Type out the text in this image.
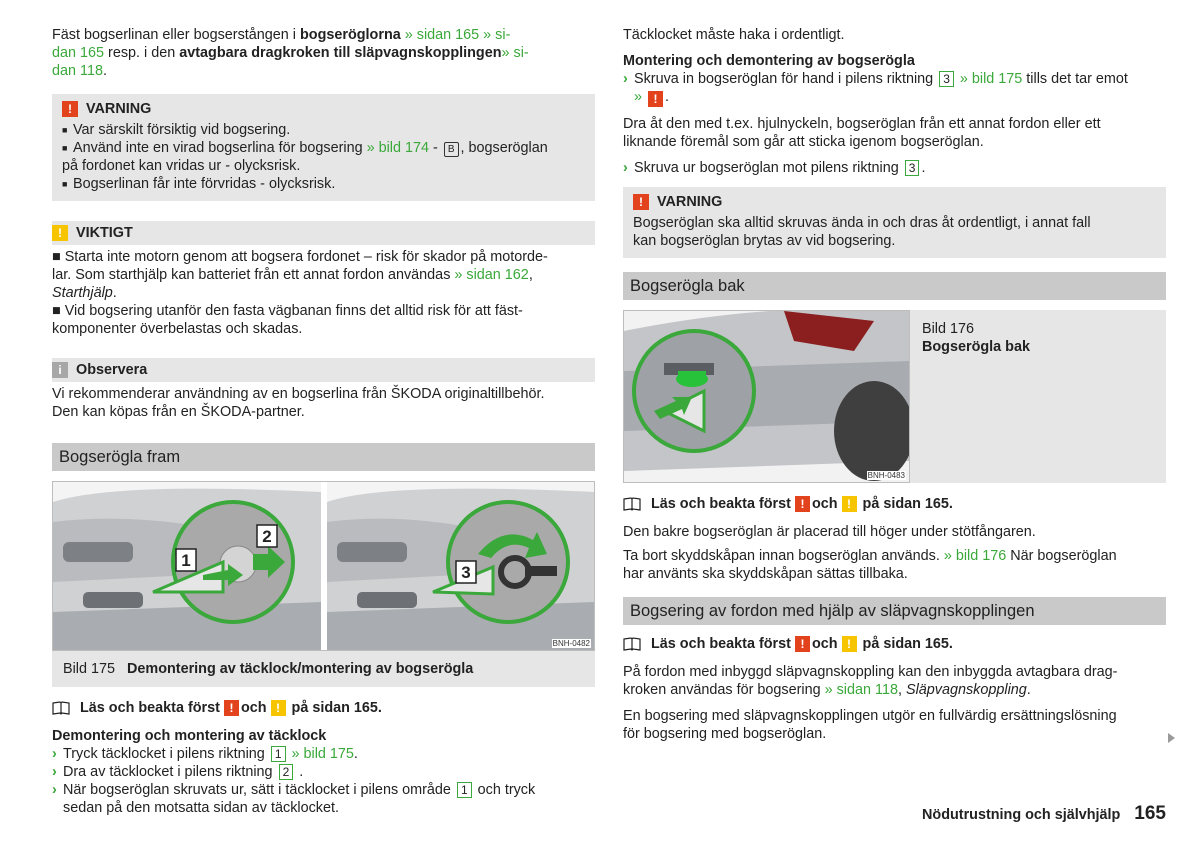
Fäst bogserlinan eller bogserstången i bogseröglorna » sidan 165 » si-
dan 165 resp. i den avtagbara dragkroken till släpvagnskopplingen» si-
dan 118.

! VARNING
■ Var särskilt försiktig vid bogsering.
■ Använd inte en virad bogserlina för bogsering » bild 174 - B , bogseröglan
på fordonet kan vridas ur - olycksrisk.
■ Bogserlinan får inte förvridas - olycksrisk.
! VIKTIGT
■ Starta inte motorn genom att bogsera fordonet – risk för skador på motorde-
lar. Som starthjälp kan batteriet från ett annat fordon användas » sidan 162,
Starthjälp.
■ Vid bogsering utanför den fasta vägbanan finns det alltid risk för att fäst-
komponenter överbelastas och skadas.
i Observera
Vi rekommenderar användning av en bogserlina från ŠKODA originaltillbehör.
Den kan köpas från en ŠKODA-partner.
Bogserögla fram
1
2
3
BNH-0482
Bild 175 Demontering av täcklock/montering av bogserögla
Läs och beakta först ! och ! på sidan 165.
Demontering och montering av täcklock
› Tryck täcklocket i pilens riktning 1 » bild 175.
› Dra av täcklocket i pilens riktning 2 .
› När bogseröglan skruvats ur, sätt i täcklocket i pilens område 1 och tryck
sedan på den motsatta sidan av täcklocket.

Täcklocket måste haka i ordentligt.

Montering och demontering av bogserögla
› Skruva in bogseröglan för hand i pilens riktning 3 » bild 175 tills det tar emot
» ! .
Dra åt den med t.ex. hjulnyckeln, bogseröglan från ett annat fordon eller ett
liknande föremål som går att sticka igenom bogseröglan.
› Skruva ur bogseröglan mot pilens riktning 3 .
! VARNING
Bogseröglan ska alltid skruvas ända in och dras åt ordentligt, i annat fall
kan bogseröglan brytas av vid bogsering.
Bogserögla bak
BNH-0483
Bild 176
Bogserögla bak
Läs och beakta först ! och ! på sidan 165.

Den bakre bogseröglan är placerad till höger under stötfångaren.

Ta bort skyddskåpan innan bogseröglan används. » bild 176 När bogseröglan
har använts ska skyddskåpan sättas tillbaka.
Bogsering av fordon med hjälp av släpvagnskopplingen
Läs och beakta först ! och ! på sidan 165.
På fordon med inbyggd släpvagnskoppling kan den inbyggda avtagbara drag-
kroken användas för bogsering » sidan 118, Släpvagnskoppling.
En bogsering med släpvagnskopplingen utgör en fullvärdig ersättningslösning
för bogsering med bogseröglan.
Nödutrustning och självhjälp 165
